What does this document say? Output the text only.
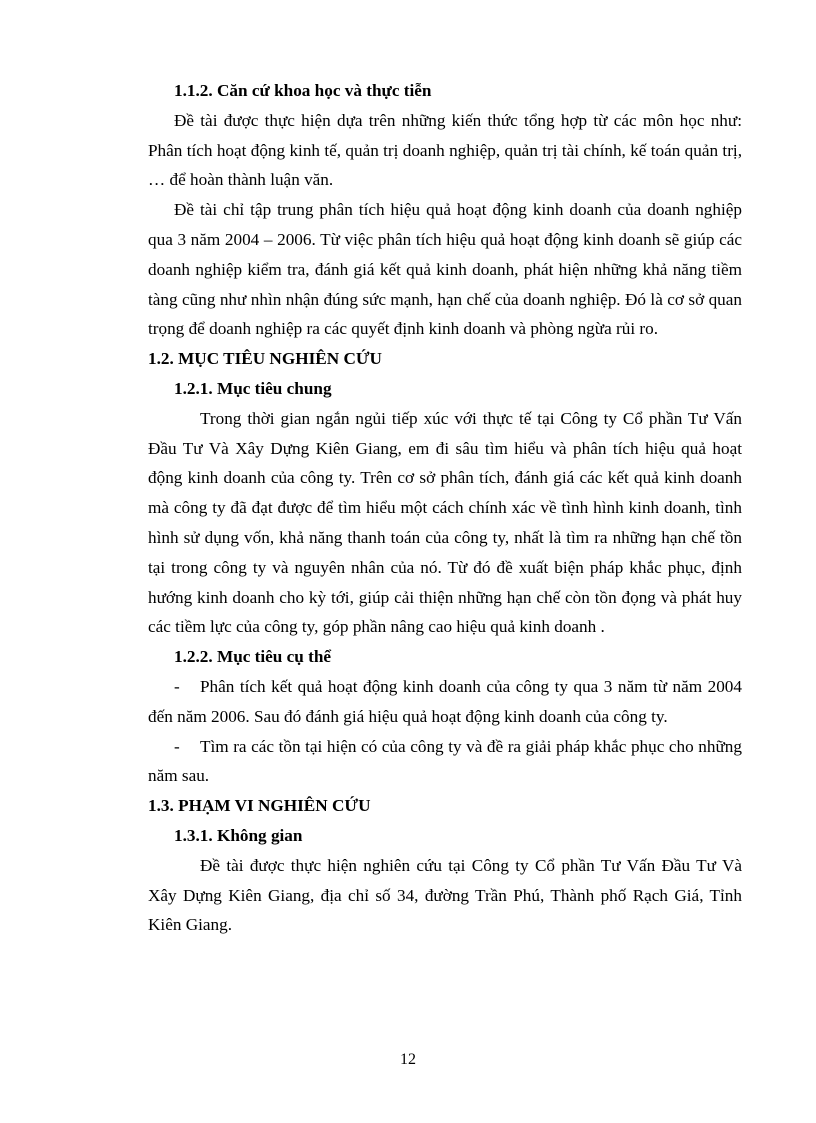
1.1.2. Căn cứ khoa học và thực tiễn

Đề tài được thực hiện dựa trên những kiến thức tổng hợp từ các môn học như: Phân tích hoạt động kinh tế, quản trị doanh nghiệp, quản trị tài chính, kế toán quản trị, … để hoàn thành luận văn.

Đề tài chỉ tập trung phân tích hiệu quả hoạt động kinh doanh của doanh nghiệp qua 3 năm 2004 – 2006. Từ việc phân tích hiệu quả hoạt động kinh doanh sẽ giúp các doanh nghiệp kiểm tra, đánh giá kết quả kinh doanh, phát hiện những khả năng tiềm tàng cũng như nhìn nhận đúng sức mạnh, hạn chế của doanh nghiệp. Đó là cơ sở quan trọng để doanh nghiệp ra các quyết định kinh doanh và phòng ngừa rủi ro.

1.2. MỤC TIÊU NGHIÊN CỨU

1.2.1. Mục tiêu chung

Trong thời gian ngắn ngủi tiếp xúc với thực tế tại Công ty Cổ phần Tư Vấn Đầu Tư Và Xây Dựng Kiên Giang, em đi sâu tìm hiểu và phân tích hiệu quả hoạt động kinh doanh của công ty. Trên cơ sở phân tích, đánh giá các kết quả kinh doanh mà công ty đã đạt được để tìm hiểu một cách chính xác về tình hình kinh doanh, tình hình sử dụng vốn, khả năng thanh toán của công ty, nhất là tìm ra những hạn chế tồn tại trong công ty và nguyên nhân của nó. Từ đó đề xuất biện pháp khắc phục, định hướng kinh doanh cho kỳ tới, giúp cải thiện những hạn chế còn tồn đọng và phát huy các tiềm lực của công ty, góp phần nâng cao hiệu quả kinh doanh .

1.2.2. Mục tiêu cụ thể

- Phân tích kết quả hoạt động kinh doanh của công ty qua 3 năm từ năm 2004 đến năm 2006. Sau đó đánh giá hiệu quả hoạt động kinh doanh của công ty.

- Tìm ra các tồn tại hiện có của công ty và đề ra giải pháp khắc phục cho những năm sau.

1.3. PHẠM VI NGHIÊN CỨU

1.3.1. Không gian

Đề tài được thực hiện nghiên cứu tại Công ty Cổ phần Tư Vấn Đầu Tư Và Xây Dựng Kiên Giang, địa chỉ số 34, đường Trần Phú, Thành phố Rạch Giá, Tỉnh Kiên Giang.

12
